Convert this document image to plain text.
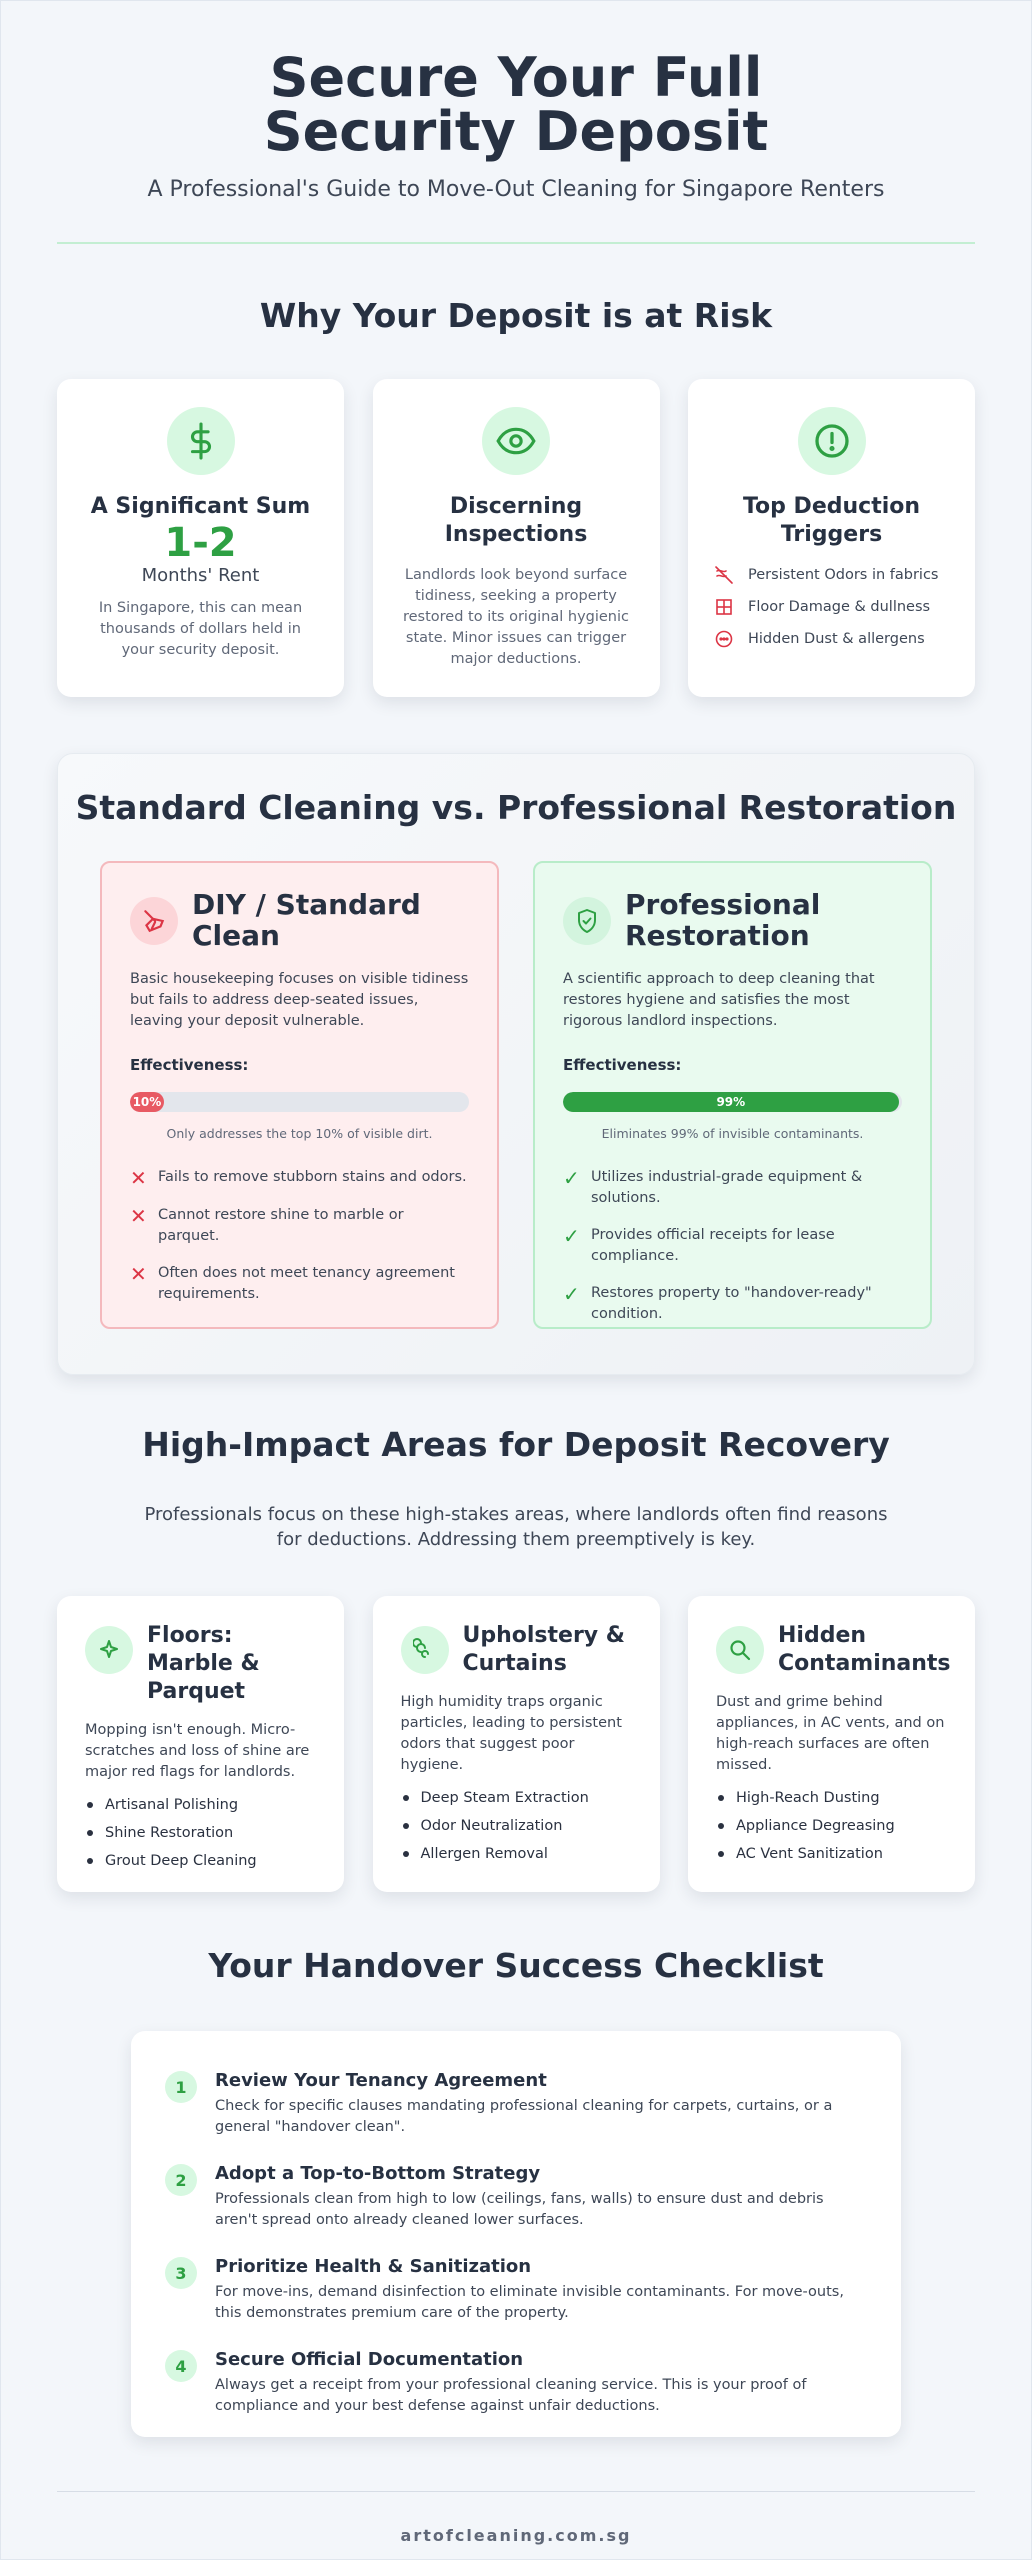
Secure Your Full Security Deposit
A Professional's Guide to Move-Out Cleaning for Singapore Renters
Why Your Deposit is at Risk
A Significant Sum
1-2
Months' Rent

In Singapore, this can mean thousands of dollars held in your security deposit.

Discerning Inspections

Landlords look beyond surface tidiness, seeking a property restored to its original hygienic state. Minor issues can trigger major deductions.

Top Deduction Triggers
Persistent Odors in fabrics
Floor Damage & dullness
Hidden Dust & allergens
Standard Cleaning vs. Professional Restoration
DIY / Standard Clean

Basic housekeeping focuses on visible tidiness but fails to address deep-seated issues, leaving your deposit vulnerable.

Effectiveness:
10%
Only addresses the top 10% of visible dirt.
✕ Fails to remove stubborn stains and odors.
✕ Cannot restore shine to marble or parquet.
✕ Often does not meet tenancy agreement requirements.
Professional Restoration

A scientific approach to deep cleaning that restores hygiene and satisfies the most rigorous landlord inspections.

Effectiveness:
99%
Eliminates 99% of invisible contaminants.
✓ Utilizes industrial-grade equipment & solutions.
✓ Provides official receipts for lease compliance.
✓ Restores property to "handover-ready" condition.
High-Impact Areas for Deposit Recovery

Professionals focus on these high-stakes areas, where landlords often find reasons for deductions. Addressing them preemptively is key.

Floors: Marble & Parquet

Mopping isn't enough. Micro-scratches and loss of shine are major red flags for landlords.

Artisanal Polishing
Shine Restoration
Grout Deep Cleaning
Upholstery & Curtains

High humidity traps organic particles, leading to persistent odors that suggest poor hygiene.

Deep Steam Extraction
Odor Neutralization
Allergen Removal
Hidden Contaminants

Dust and grime behind appliances, in AC vents, and on high-reach surfaces are often missed.

High-Reach Dusting
Appliance Degreasing
AC Vent Sanitization
Your Handover Success Checklist
1	Review Your Tenancy Agreement

Check for specific clauses mandating professional cleaning for carpets, curtains, or a general "handover clean".

2	Adopt a Top-to-Bottom Strategy

Professionals clean from high to low (ceilings, fans, walls) to ensure dust and debris aren't spread onto already cleaned lower surfaces.

3	Prioritize Health & Sanitization

For move-ins, demand disinfection to eliminate invisible contaminants. For move-outs, this demonstrates premium care of the property.

4	Secure Official Documentation

Always get a receipt from your professional cleaning service. This is your proof of compliance and your best defense against unfair deductions.

artofcleaning.com.sg
